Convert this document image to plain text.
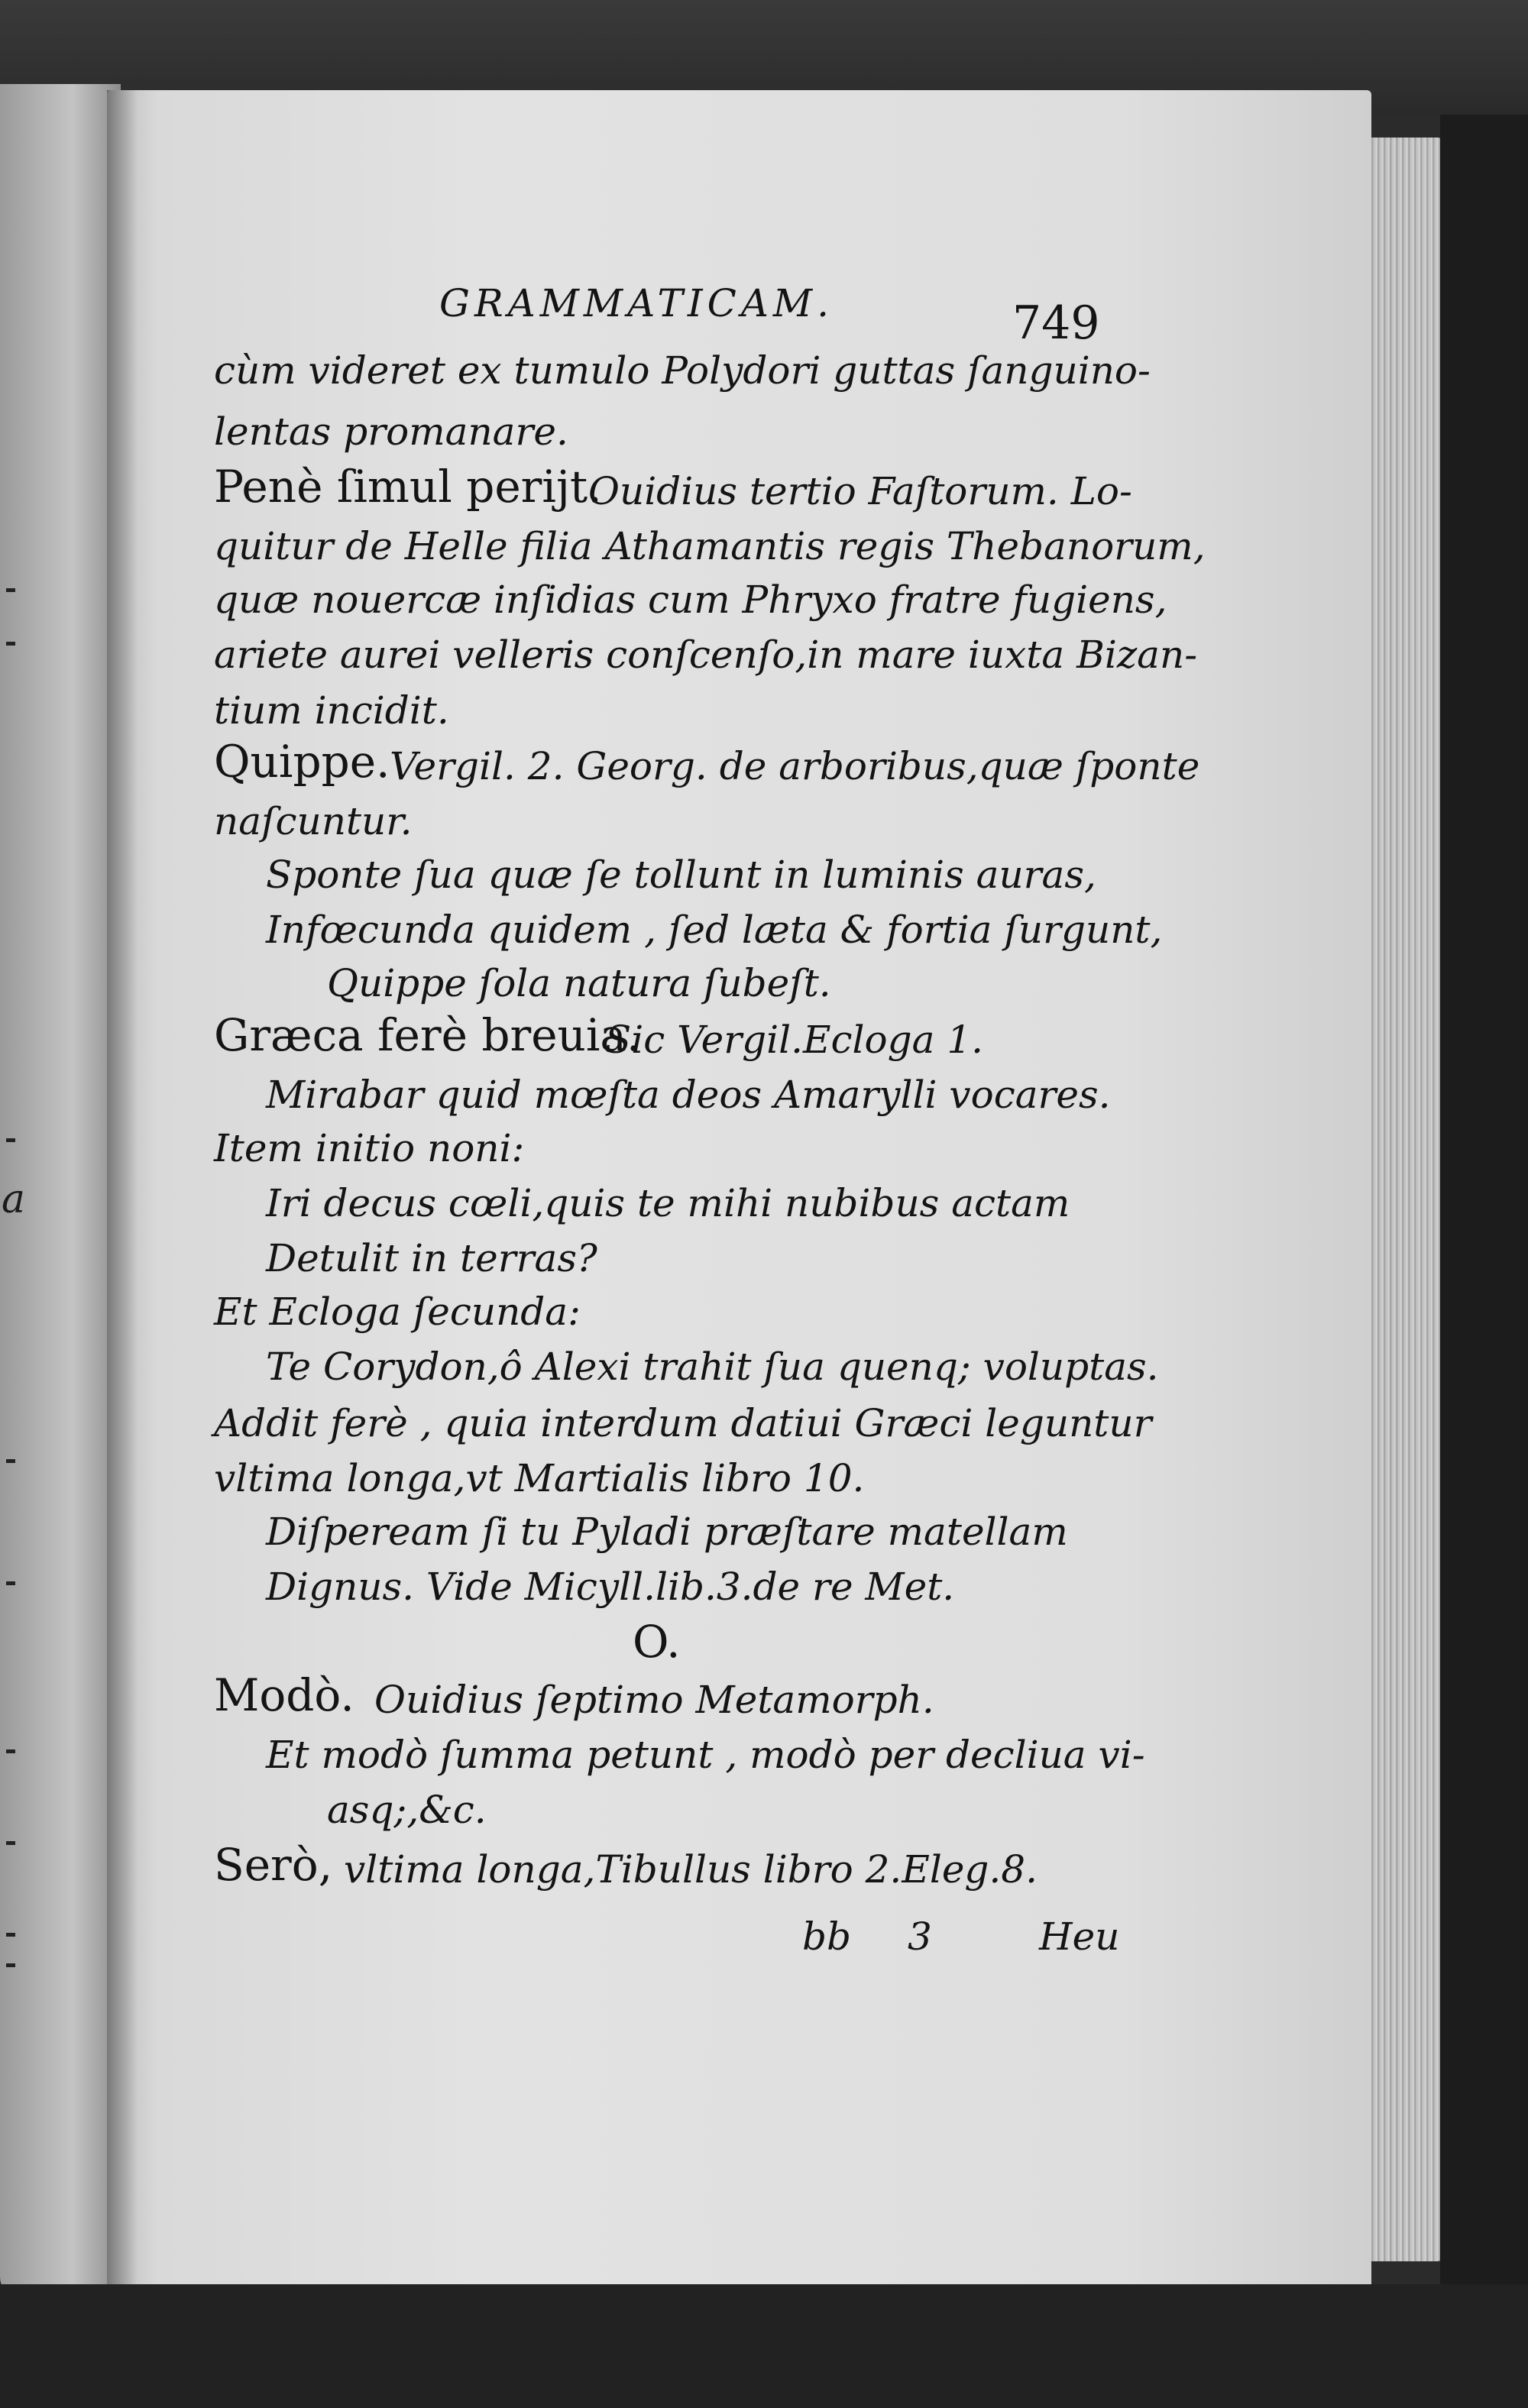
a
GRAMMATICAM.	749
cùm videret ex tumulo Polydori guttas ſanguino-
lentas promanare.
Penè ſimul perijt.
Ouidius tertio Faſtorum. Lo-
quitur de Helle filia Athamantis regis Thebanorum,
quæ nouercæ inſidias cum Phryxo fratre fugiens,
ariete aurei velleris conſcenſo,in mare iuxta Bizan-
tium incidit.
Quippe. Vergil. 2. Georg. de arboribus,quæ ſponte
naſcuntur.
Sponte ſua quæ ſe tollunt in luminis auras,
Infœcunda quidem , ſed læta & fortia ſurgunt,
Quippe ſola natura ſubeſt.
Græca ferè breuia.
Sic Vergil.Ecloga 1.
Mirabar quid mœſta deos Amarylli vocares.
Item initio noni:
Iri decus cœli,quis te mihi nubibus actam
Detulit in terras?
Et Ecloga ſecunda:
Te Corydon,ô Alexi trahit ſua quenq; voluptas.
Addit ferè , quia interdum datiui Græci leguntur
vltima longa,vt Martialis libro 10.
Diſpeream ſi tu Pyladi præſtare matellam
Dignus. Vide Micyll.lib.3.de re Met.
O.
Modò. Ouidius ſeptimo Metamorph.
Et modò ſumma petunt , modò per decliua vi-
asq;,&c.
Serò, vltima longa,Tibullus libro 2.Eleg.8.
bb 3	Heu
